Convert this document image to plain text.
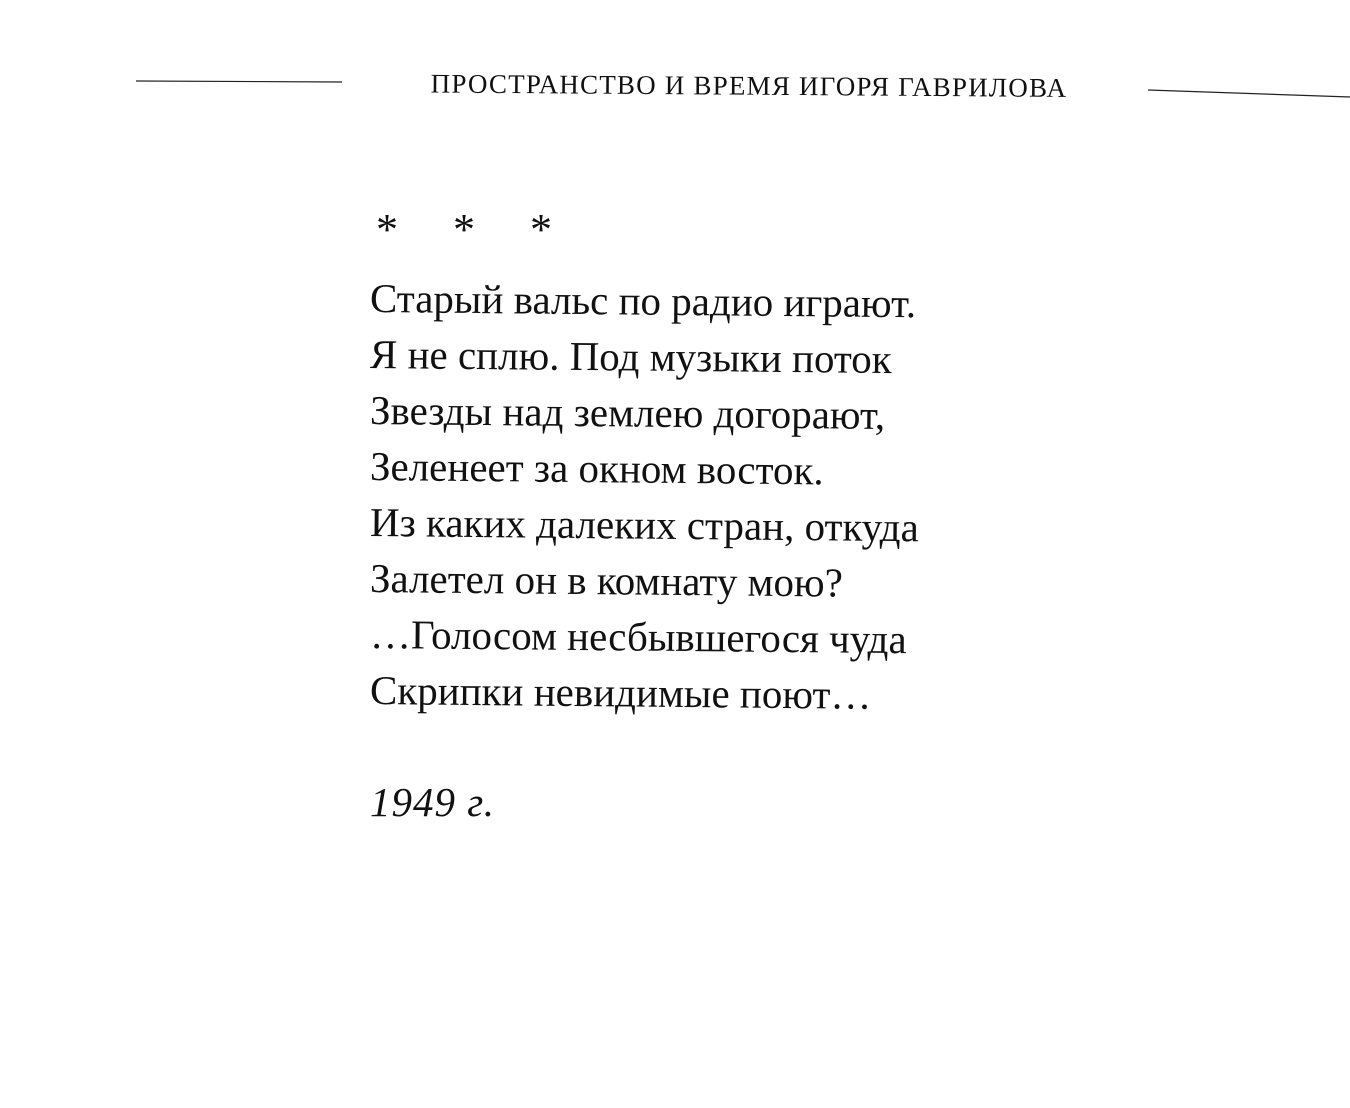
ПРОСТРАНСТВО И ВРЕМЯ ИГОРЯ ГАВРИЛОВА
* * *
Старый вальс по радио играют.
Я не сплю. Под музыки поток
Звезды над землею догорают,
Зеленеет за окном восток.
Из каких далеких стран, откуда
Залетел он в комнату мою?
…Голосом несбывшегося чуда
Скрипки невидимые поют…
1949 г.
